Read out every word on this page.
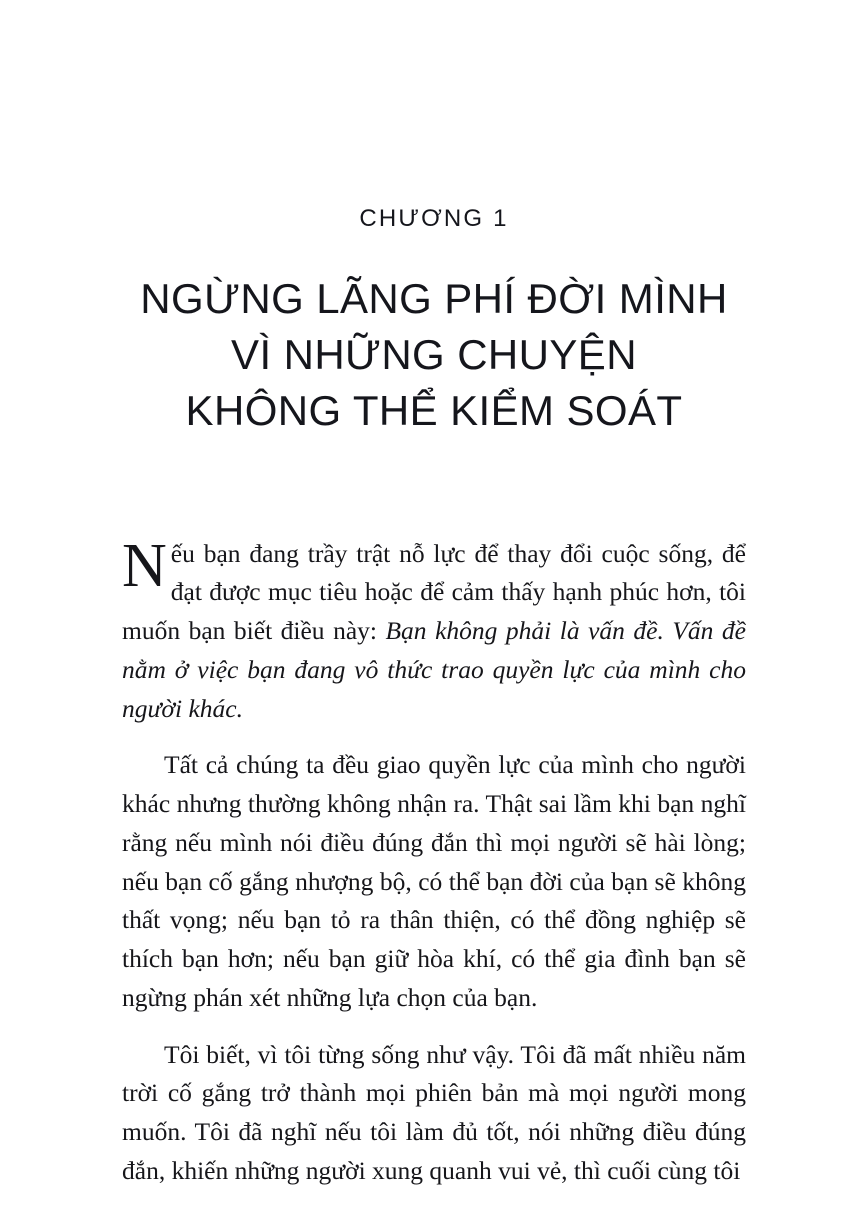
CHƯƠNG 1
NGỪNG LÃNG PHÍ ĐỜI MÌNH
VÌ NHỮNG CHUYỆN
KHÔNG THỂ KIỂM SOÁT

Nếu bạn đang trầy trật nỗ lực để thay đổi cuộc sống, để đạt được mục tiêu hoặc để cảm thấy hạnh phúc hơn, tôi muốn bạn biết điều này: Bạn không phải là vấn đề. Vấn đề nằm ở việc bạn đang vô thức trao quyền lực của mình cho người khác.

Tất cả chúng ta đều giao quyền lực của mình cho người khác nhưng thường không nhận ra. Thật sai lầm khi bạn nghĩ rằng nếu mình nói điều đúng đắn thì mọi người sẽ hài lòng; nếu bạn cố gắng nhượng bộ, có thể bạn đời của bạn sẽ không thất vọng; nếu bạn tỏ ra thân thiện, có thể đồng nghiệp sẽ thích bạn hơn; nếu bạn giữ hòa khí, có thể gia đình bạn sẽ ngừng phán xét những lựa chọn của bạn.

Tôi biết, vì tôi từng sống như vậy. Tôi đã mất nhiều năm trời cố gắng trở thành mọi phiên bản mà mọi người mong muốn. Tôi đã nghĩ nếu tôi làm đủ tốt, nói những điều đúng đắn, khiến những người xung quanh vui vẻ, thì cuối cùng tôi
